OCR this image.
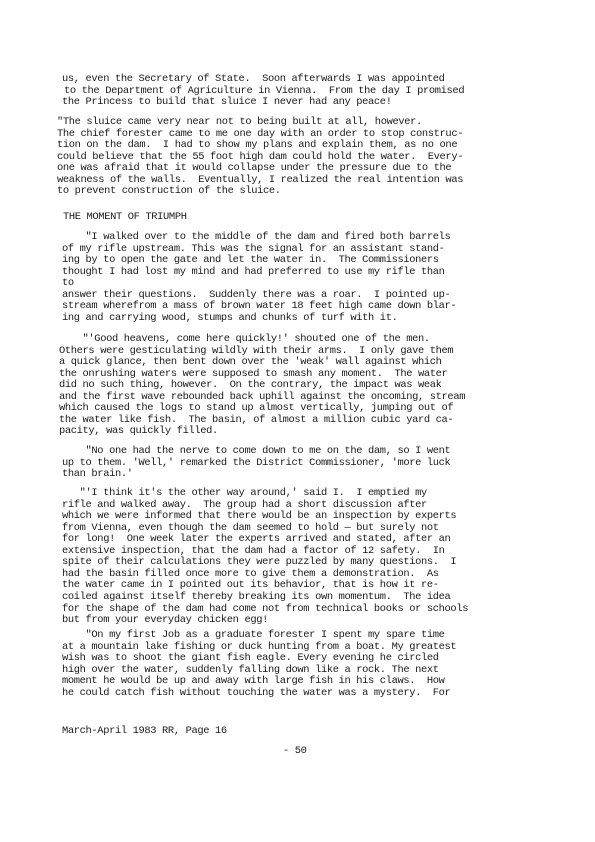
us, even the Secretary of State.  Soon afterwards I was appointed
to the Department of Agriculture in Vienna.  From the day I promised
the Princess to build that sluice I never had any peace!
"The sluice came very near not to being built at all, however.
The chief forester came to me one day with an order to stop construc-
tion on the dam.  I had to show my plans and explain them, as no one
could believe that the 55 foot high dam could hold the water.  Every-
one was afraid that it would collapse under the pressure due to the
weakness of the walls.  Eventually, I realized the real intention was
to prevent construction of the sluice.
THE MOMENT OF TRIUMPH
"I walked over to the middle of the dam and fired both barrels
of my rifle upstream. This was the signal for an assistant stand-
ing by to open the gate and let the water in.  The Commissioners
thought I had lost my mind and had preferred to use my rifle than
to
answer their questions.  Suddenly there was a roar.  I pointed up-
stream wherefrom a mass of brown water 18 feet high came down blar-
ing and carrying wood, stumps and chunks of turf with it.
"'Good heavens, come here quickly!' shouted one of the men.
Others were gesticulating wildly with their arms.  I only gave them
a quick glance, then bent down over the 'weak' wall against which
the onrushing waters were supposed to smash any moment.  The water
did no such thing, however.  On the contrary, the impact was weak
and the first wave rebounded back uphill against the oncoming, stream
which caused the logs to stand up almost vertically, jumping out of
the water like fish.  The basin, of almost a million cubic yard ca-
pacity, was quickly filled.
"No one had the nerve to come down to me on the dam, so I went
up to them. 'Well,' remarked the District Commissioner, 'more luck
than brain.'
"'I think it's the other way around,' said I.  I emptied my
rifle and walked away.  The group had a short discussion after
which we were informed that there would be an inspection by experts
from Vienna, even though the dam seemed to hold — but surely not
for long!  One week later the experts arrived and stated, after an
extensive inspection, that the dam had a factor of 12 safety.  In
spite of their calculations they were puzzled by many questions.  I
had the basin filled once more to give them a demonstration.  As
the water came in I pointed out its behavior, that is how it re-
coiled against itself thereby breaking its own momentum.  The idea
for the shape of the dam had come not from technical books or schools
but from your everyday chicken egg!
"On my first Job as a graduate forester I spent my spare time
at a mountain lake fishing or duck hunting from a boat. My greatest
wish was to shoot the giant fish eagle. Every evening he circled
high over the water, suddenly falling down like a rock. The next
moment he would be up and away with large fish in his claws.  How
he could catch fish without touching the water was a mystery.  For
March-April 1983 RR, Page 16
- 50
